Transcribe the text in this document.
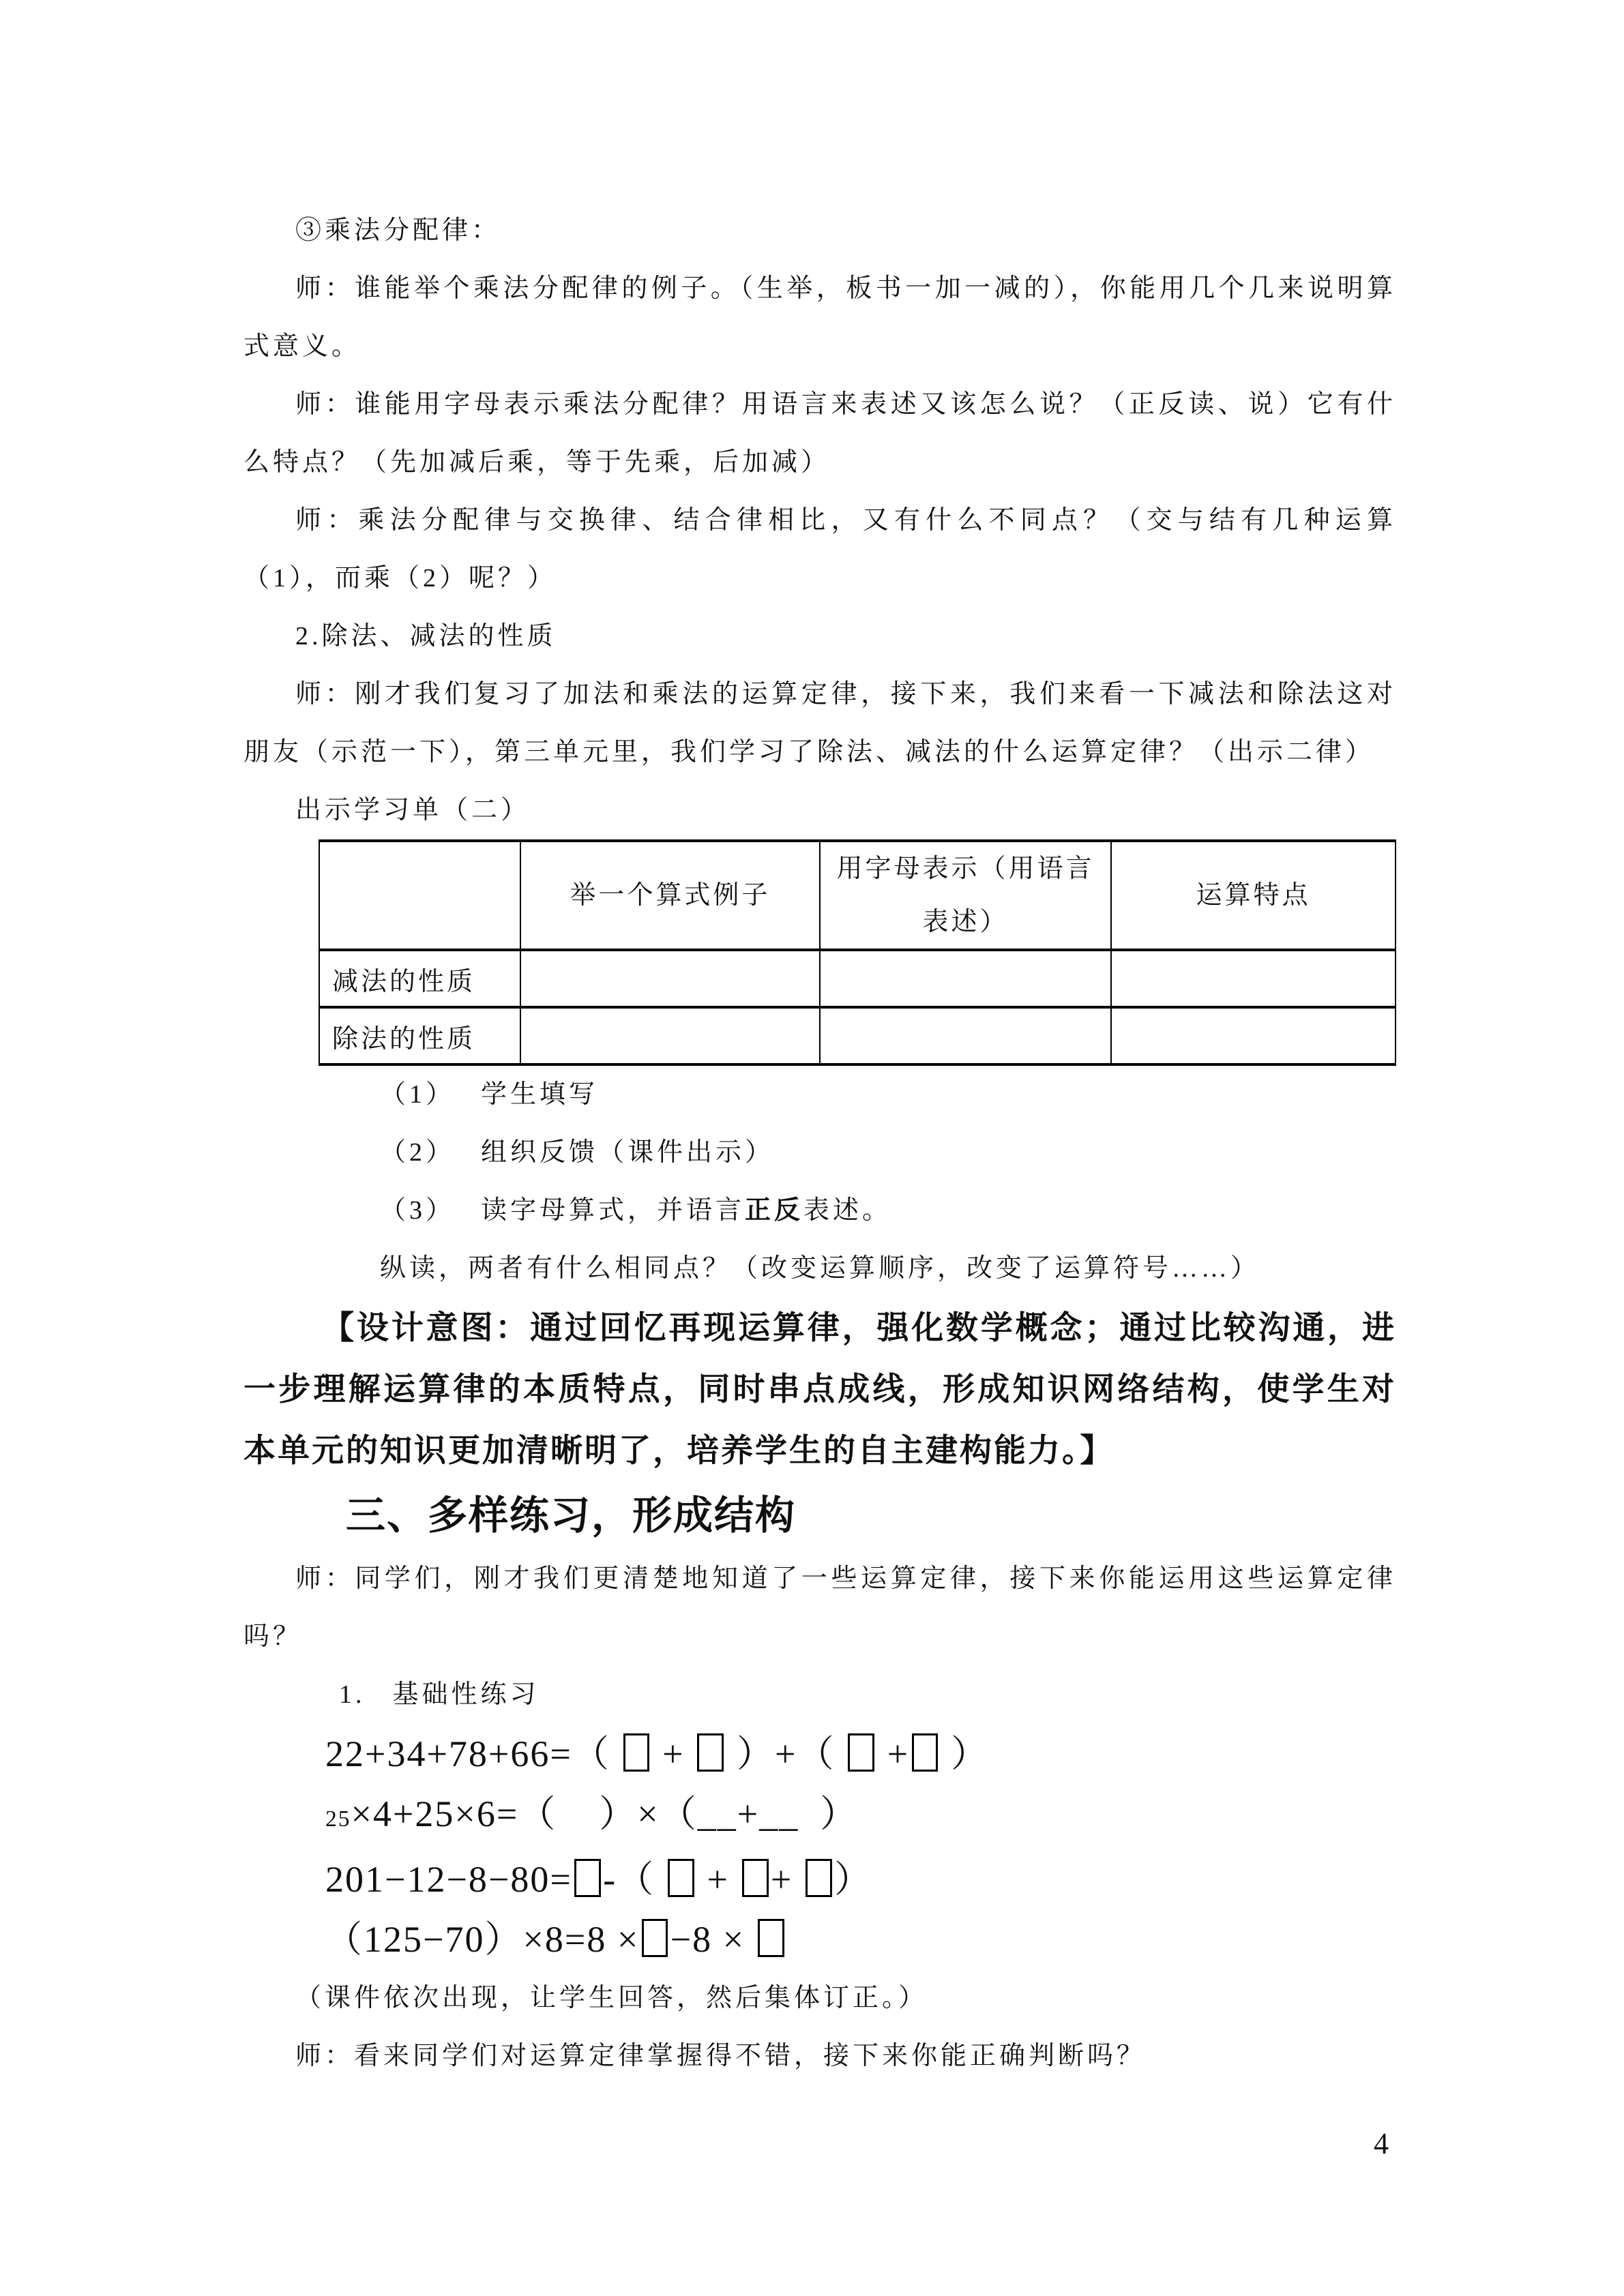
③乘法分配律：

师：谁能举个乘法分配律的例子。（生举，板书一加一减的），你能用几个几来说明算式意义。

师：谁能用字母表示乘法分配律？用语言来表述又该怎么说？（正反读、说）它有什么特点？（先加减后乘，等于先乘，后加减）

师：乘法分配律与交换律、结合律相比，又有什么不同点？（交与结有几种运算（1），而乘（2）呢？）

2.除法、减法的性质

师：刚才我们复习了加法和乘法的运算定律，接下来，我们来看一下减法和除法这对朋友（示范一下），第三单元里，我们学习了除法、减法的什么运算定律？（出示二律）

出示学习单（二）

	举一个算式例子	用字母表示（用语言表述）	运算特点
减法的性质			
除法的性质			
（1） 学生填写
（2） 组织反馈（课件出示）
（3） 读字母算式，并语言正反表述。
纵读，两者有什么相同点？（改变运算顺序，改变了运算符号……）

【设计意图：通过回忆再现运算律，强化数学概念；通过比较沟通，进一步理解运算律的本质特点，同时串点成线，形成知识网络结构，使学生对本单元的知识更加清晰明了，培养学生的自主建构能力。】

三、多样练习，形成结构

师：同学们，刚才我们更清楚地知道了一些运算定律，接下来你能运用这些运算定律吗？

1. 基础性练习
22+34+78+66=（  +  ）+（  + ）
25×4+25×6=（    ）×（__+__  ）
201−12−8−80= -（  + + ）
（125−70）×8=8 × −8 ×

（课件依次出现，让学生回答，然后集体订正。）

师：看来同学们对运算定律掌握得不错，接下来你能正确判断吗？

4
